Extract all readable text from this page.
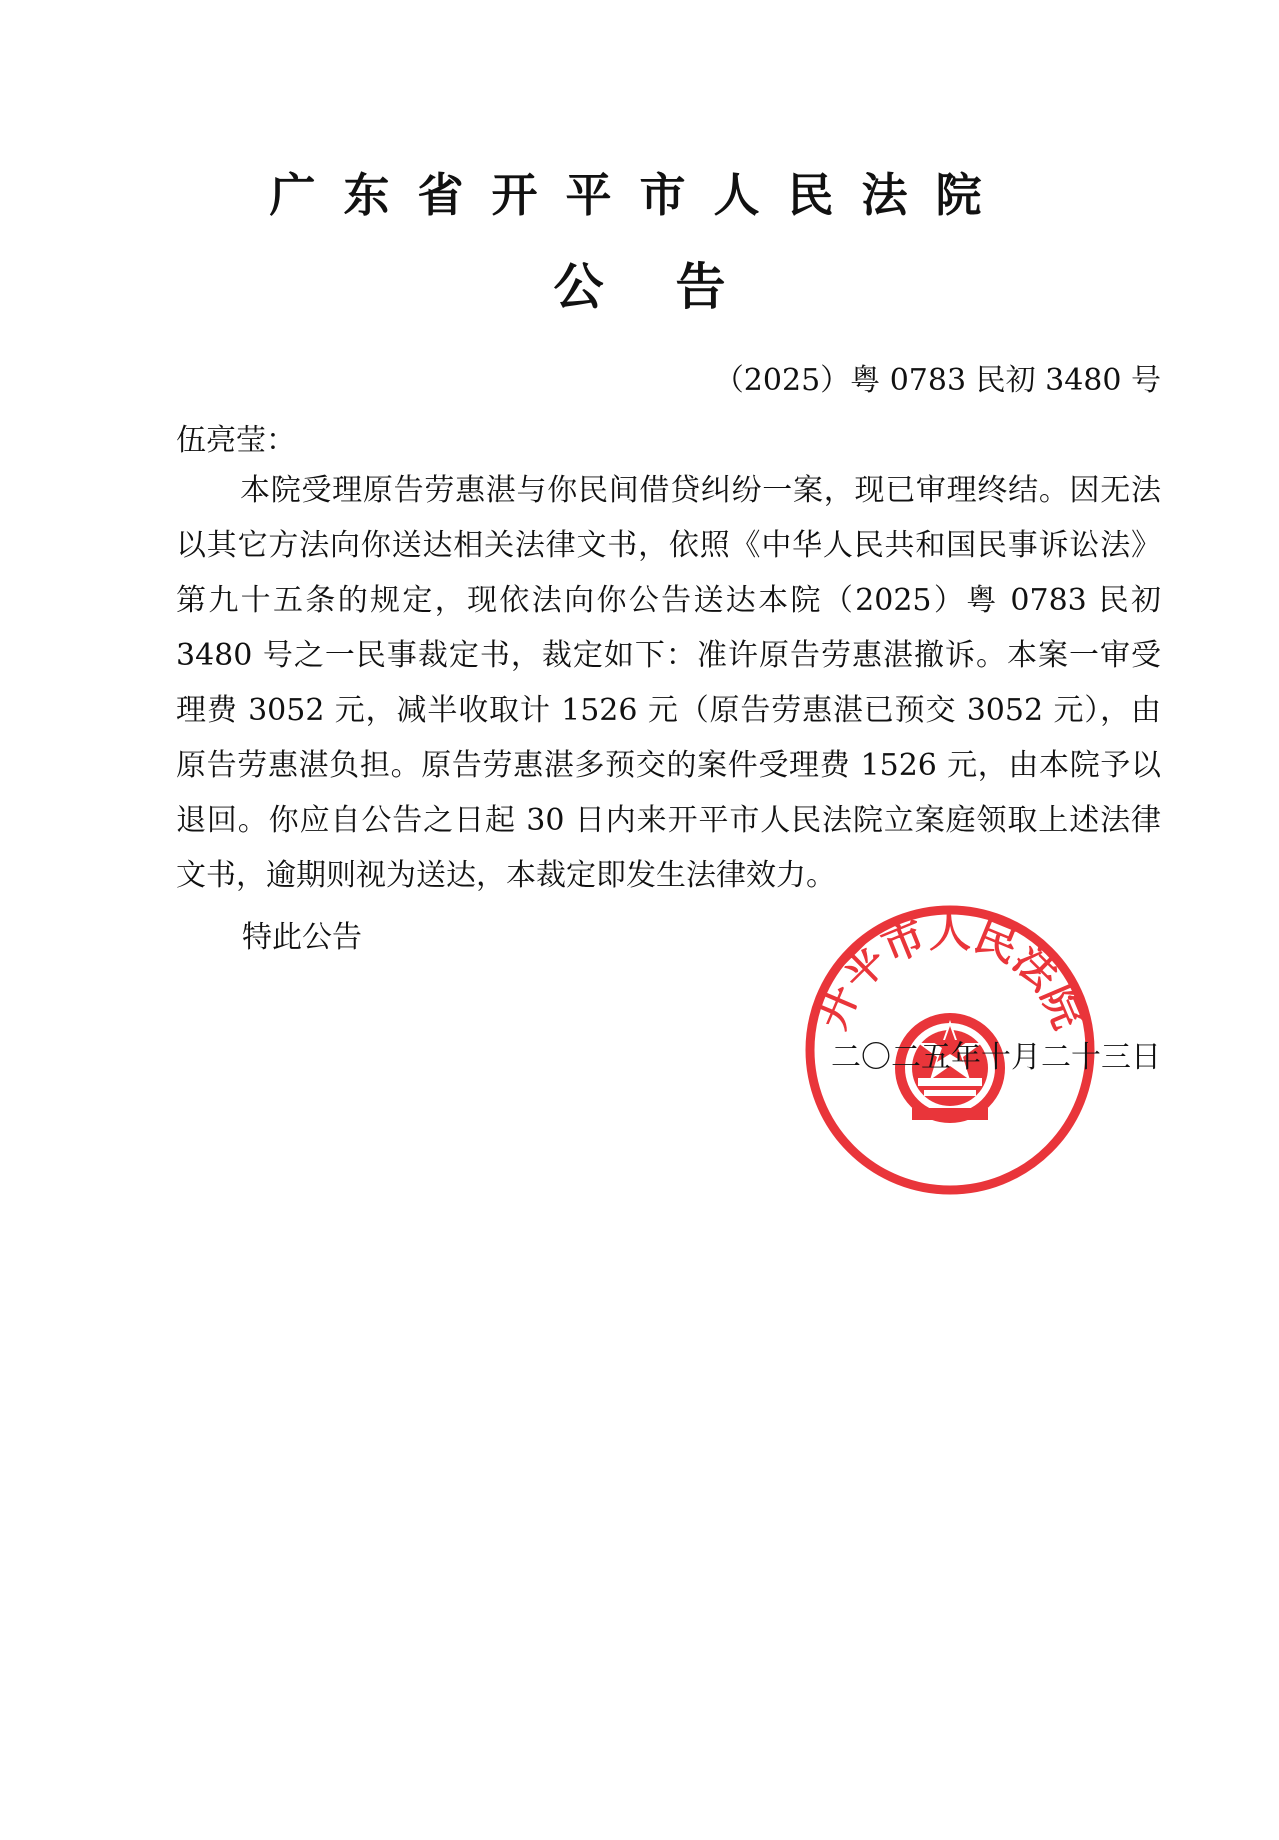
广东省开平市人民法院
公告
（2025）粤 0783 民初 3480 号
伍亮莹：
本院受理原告劳惠湛与你民间借贷纠纷一案，现已审理终结。因无法以其它方法向你送达相关法律文书，依照《中华人民共和国民事诉讼法》第九十五条的规定，现依法向你公告送达本院（2025）粤 0783 民初 3480 号之一民事裁定书，裁定如下：准许原告劳惠湛撤诉。本案一审受理费 3052 元，减半收取计 1526 元（原告劳惠湛已预交 3052 元），由原告劳惠湛负担。原告劳惠湛多预交的案件受理费 1526 元，由本院予以退回。你应自公告之日起 30 日内来开平市人民法院立案庭领取上述法律文书，逾期则视为送达，本裁定即发生法律效力。
特此公告
开平市人民法院
二〇二五年十月二十三日
